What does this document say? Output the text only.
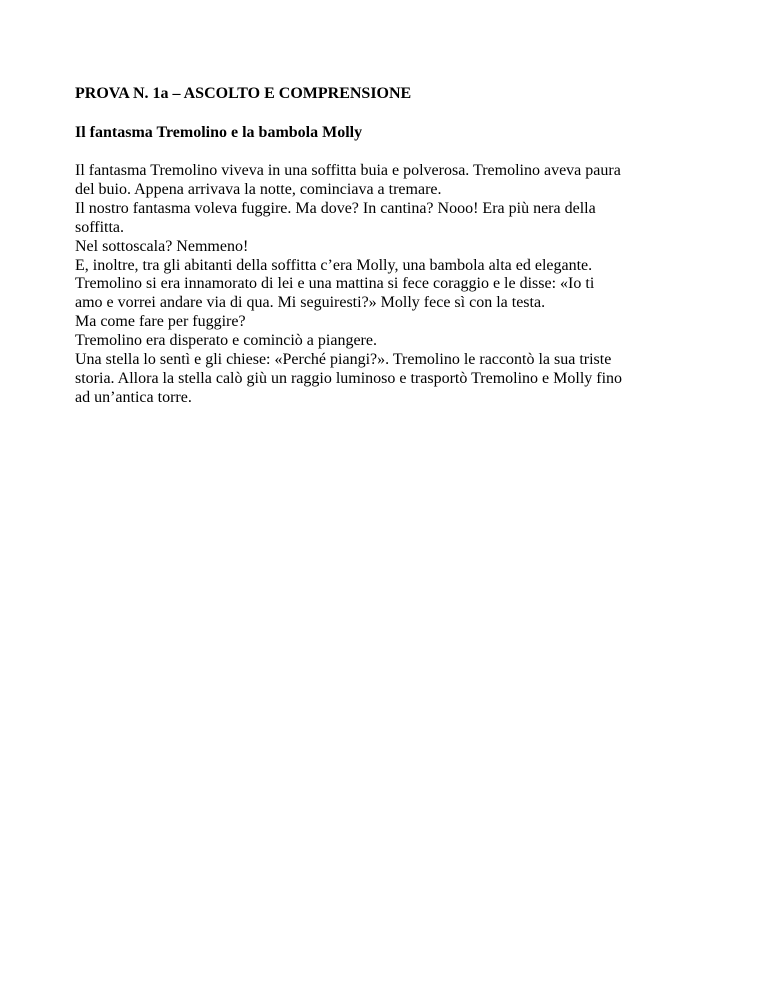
PROVA N. 1a – ASCOLTO E COMPRENSIONE

Il fantasma Tremolino e la bambola Molly

Il fantasma Tremolino viveva in una soffitta buia e polverosa. Tremolino aveva paura
del buio. Appena arrivava la notte, cominciava a tremare.
Il nostro fantasma voleva fuggire. Ma dove? In cantina? Nooo! Era più nera della
soffitta.
Nel sottoscala? Nemmeno!
E, inoltre, tra gli abitanti della soffitta c’era Molly, una bambola alta ed elegante.
Tremolino si era innamorato di lei e una mattina si fece coraggio e le disse: «Io ti
amo e vorrei andare via di qua. Mi seguiresti?» Molly fece sì con la testa.
Ma come fare per fuggire?
Tremolino era disperato e cominciò a piangere.
Una stella lo sentì e gli chiese: «Perché piangi?». Tremolino le raccontò la sua triste
storia. Allora la stella calò giù un raggio luminoso e trasportò Tremolino e Molly fino
ad un’antica torre.
